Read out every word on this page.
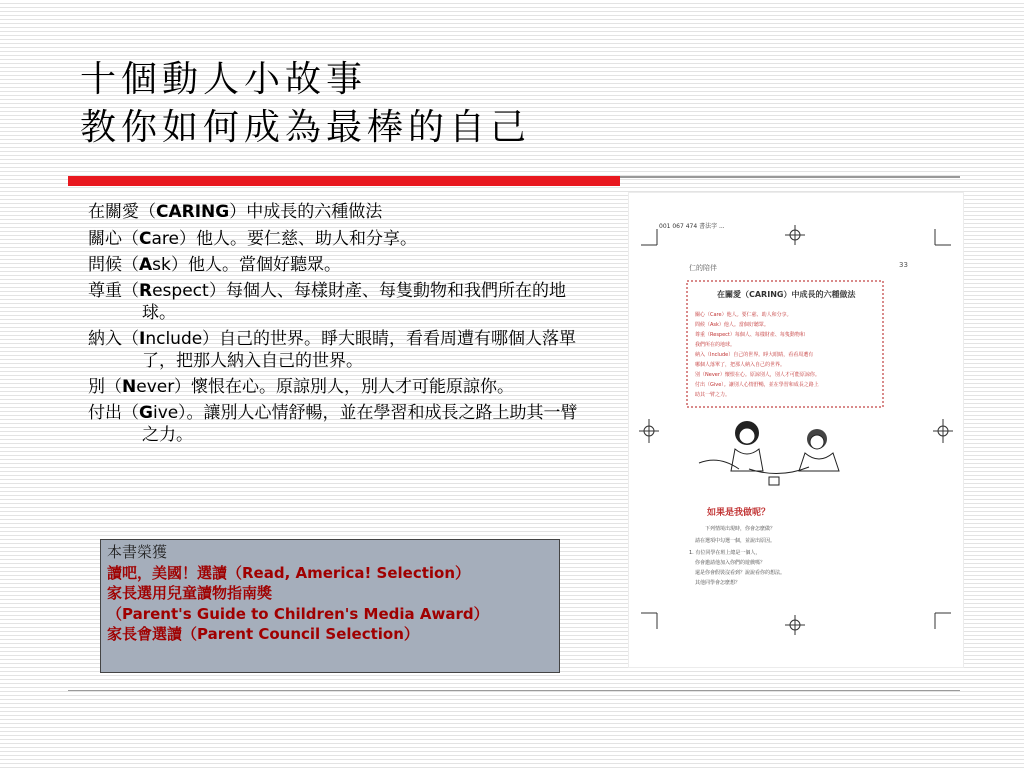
十個動人小故事
教你如何成為最棒的自己
在關愛（CARING）中成長的六種做法
關心（Care ）他人。要仁慈、助人和分享。
問候（Ask ）他人。當個好聽眾。
尊重（Respect ）每個人、每樣財產、每隻動物和我們所在的地球。
納入（Include ）自己的世界。睜大眼睛，看看周遭有哪個人落單了，把那人納入自己的世界。
別（Never ）懷恨在心。原諒別人，別人才可能原諒你。
付出（Give ）。讓別人心情舒暢，並在學習和成長之路上助其一臂之力。
本書榮獲
讀吧，美國！選讀（Read, America! Selection）
家長選用兒童讀物指南獎
（Parent's Guide to Children's Media Award）
家長會選讀（Parent Council Selection）
001 067 474 書法字 ...
仁的陪伴	33
在關愛（CARING）中成長的六種做法
關心（Care）他人。要仁慈、助人和分享。
問候（Ask）他人。當個好聽眾。
尊重（Respect）每個人、每樣財產、每隻動物和
我們所在的地球。
納入（Include）自己的世界。睜大眼睛，看看周遭有
哪個人落單了，把那人納入自己的世界。
別（Never）懷恨在心。原諒別人，別人才可能原諒你。
付出（Give）。讓別人心情舒暢，並在學習和成長之路上
助其一臂之力。
如果是我做呢？
下列情境出現時，你會怎麼做？
請在選項中勾選一個，並說出原因。
1. 有位同學在班上總是一個人，
你會邀請他加入你們的遊戲嗎？
還是你會假裝沒看到？說說看你的想法。
其他同學會怎麼想？
